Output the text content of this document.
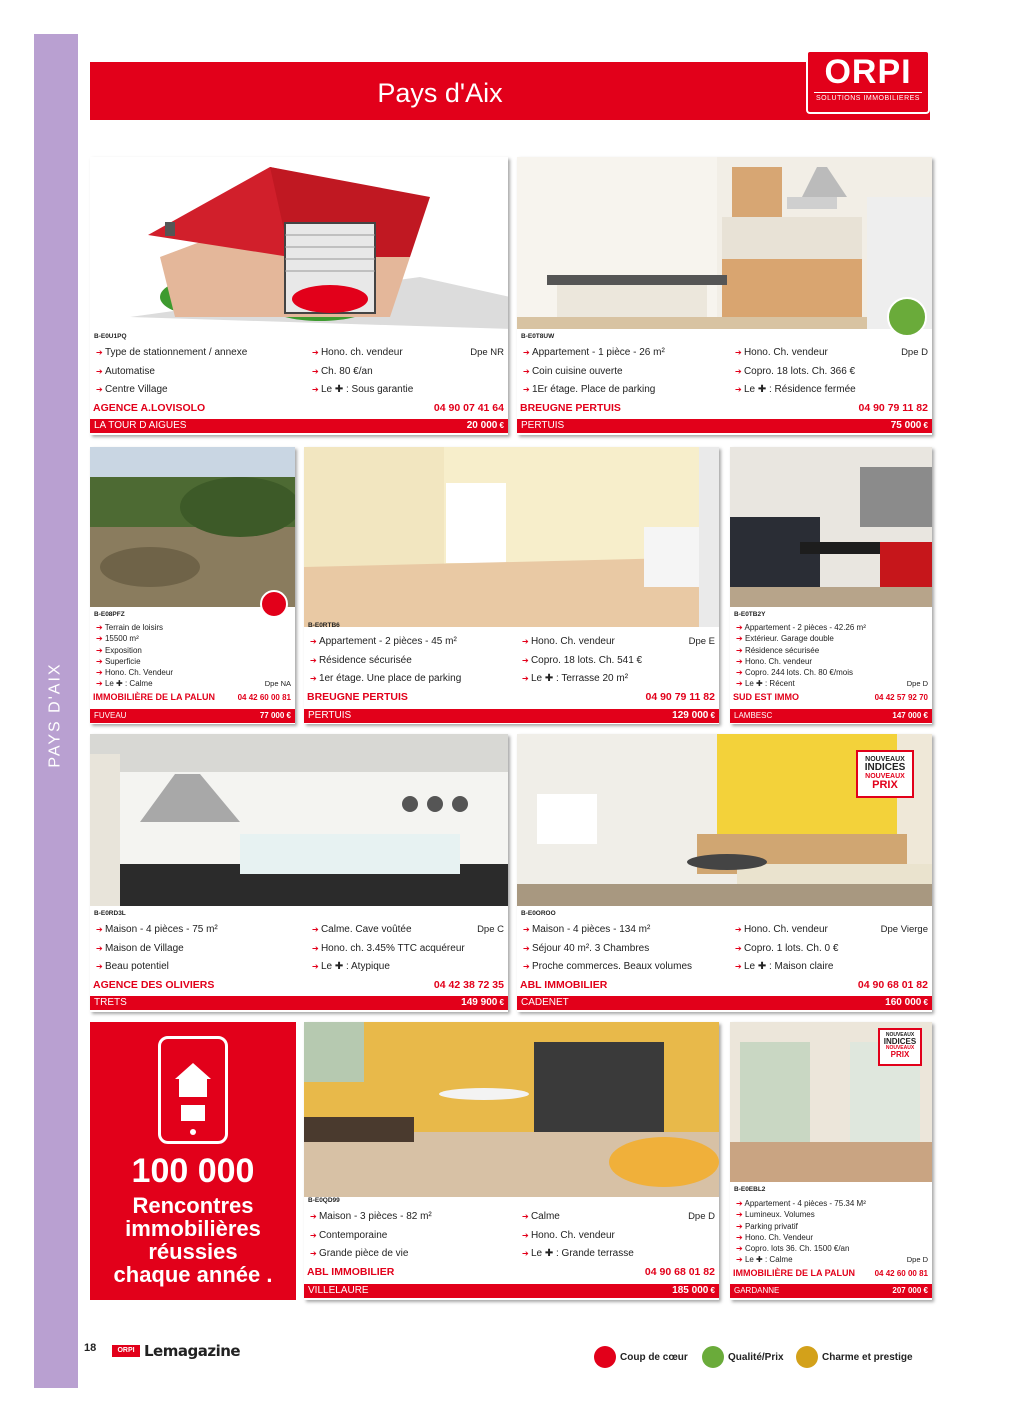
PAYS D'AIX
Pays d'Aix
ORPI
SOLUTIONS IMMOBILIERES
B-E0U1PQ
➔ Type de stationnement / annexe
➔ Automatise
➔ Centre Village
➔ Hono. ch. vendeur
➔ Ch. 80 €/an
➔ Le ✚ : Sous garantie
Dpe NR
AGENCE A.LOVISOLO	04 90 07 41 64
LA TOUR D AIGUES	20 000 €
B-E0T8UW
➔ Appartement - 1 pièce - 26 m²
➔ Coin cuisine ouverte
➔ 1Er étage. Place de parking
➔ Hono. Ch. vendeur
➔ Copro. 18 lots. Ch. 366 €
➔ Le ✚ : Résidence fermée
Dpe D
BREUGNE PERTUIS	04 90 79 11 82
PERTUIS	75 000 €
B-E08PFZ
➔ Terrain de loisirs
➔ 15500 m²
➔ Exposition
➔ Superficie
➔ Hono. Ch. Vendeur
➔ Le ✚ : Calme	Dpe NA
IMMOBILIÈRE DE LA PALUN	04 42 60 00 81
FUVEAU	77 000 €
B-E0RTB6
➔ Appartement - 2 pièces - 45 m²
➔ Résidence sécurisée
➔ 1er étage. Une place de parking
➔ Hono. Ch. vendeur
➔ Copro. 18 lots. Ch. 541 €
➔ Le ✚ : Terrasse 20 m²
Dpe E
BREUGNE PERTUIS	04 90 79 11 82
PERTUIS	129 000 €
B-E0TB2Y
➔ Appartement - 2 pièces - 42.26 m²
➔ Extérieur. Garage double
➔ Résidence sécurisée
➔ Hono. Ch. vendeur
➔ Copro. 244 lots. Ch. 80 €/mois
➔ Le ✚ : Récent	Dpe D
SUD EST IMMO	04 42 57 92 70
LAMBESC	147 000 €
B-E0RD3L
➔ Maison - 4 pièces - 75 m²
➔ Maison de Village
➔ Beau potentiel
➔ Calme. Cave voûtée
➔ Hono. ch. 3.45% TTC acquéreur
➔ Le ✚ : Atypique
Dpe C
AGENCE DES OLIVIERS	04 42 38 72 35
TRETS	149 900 €
NOUVEAUX
INDICES
NOUVEAUX
PRIX
B-E0OROO
➔ Maison - 4 pièces - 134 m²
➔ Séjour 40 m². 3 Chambres
➔ Proche commerces. Beaux volumes
➔ Hono. Ch. vendeur
➔ Copro. 1 lots. Ch. 0 €
➔ Le ✚ : Maison claire
Dpe Vierge
ABL IMMOBILIER	04 90 68 01 82
CADENET	160 000 €
100 000
Rencontres
immobilières
réussies
chaque année .
B-E0QD99
➔ Maison - 3 pièces - 82 m²
➔ Contemporaine
➔ Grande pièce de vie
➔ Calme
➔ Hono. Ch. vendeur
➔ Le ✚ : Grande terrasse
Dpe D
ABL IMMOBILIER	04 90 68 01 82
VILLELAURE	185 000 €
NOUVEAUX
INDICES
NOUVEAUX
PRIX
B-E0EBL2
➔ Appartement - 4 pièces - 75.34 M²
➔ Lumineux. Volumes
➔ Parking privatif
➔ Hono. Ch. Vendeur
➔ Copro. lots 36. Ch. 1500 €/an
➔ Le ✚ : Calme	Dpe D
IMMOBILIÈRE DE LA PALUN 04 42 60 00 81
GARDANNE	207 000 €
18	ORPI Lemagazine	Coup de cœur	Qualité/Prix	Charme et prestige
